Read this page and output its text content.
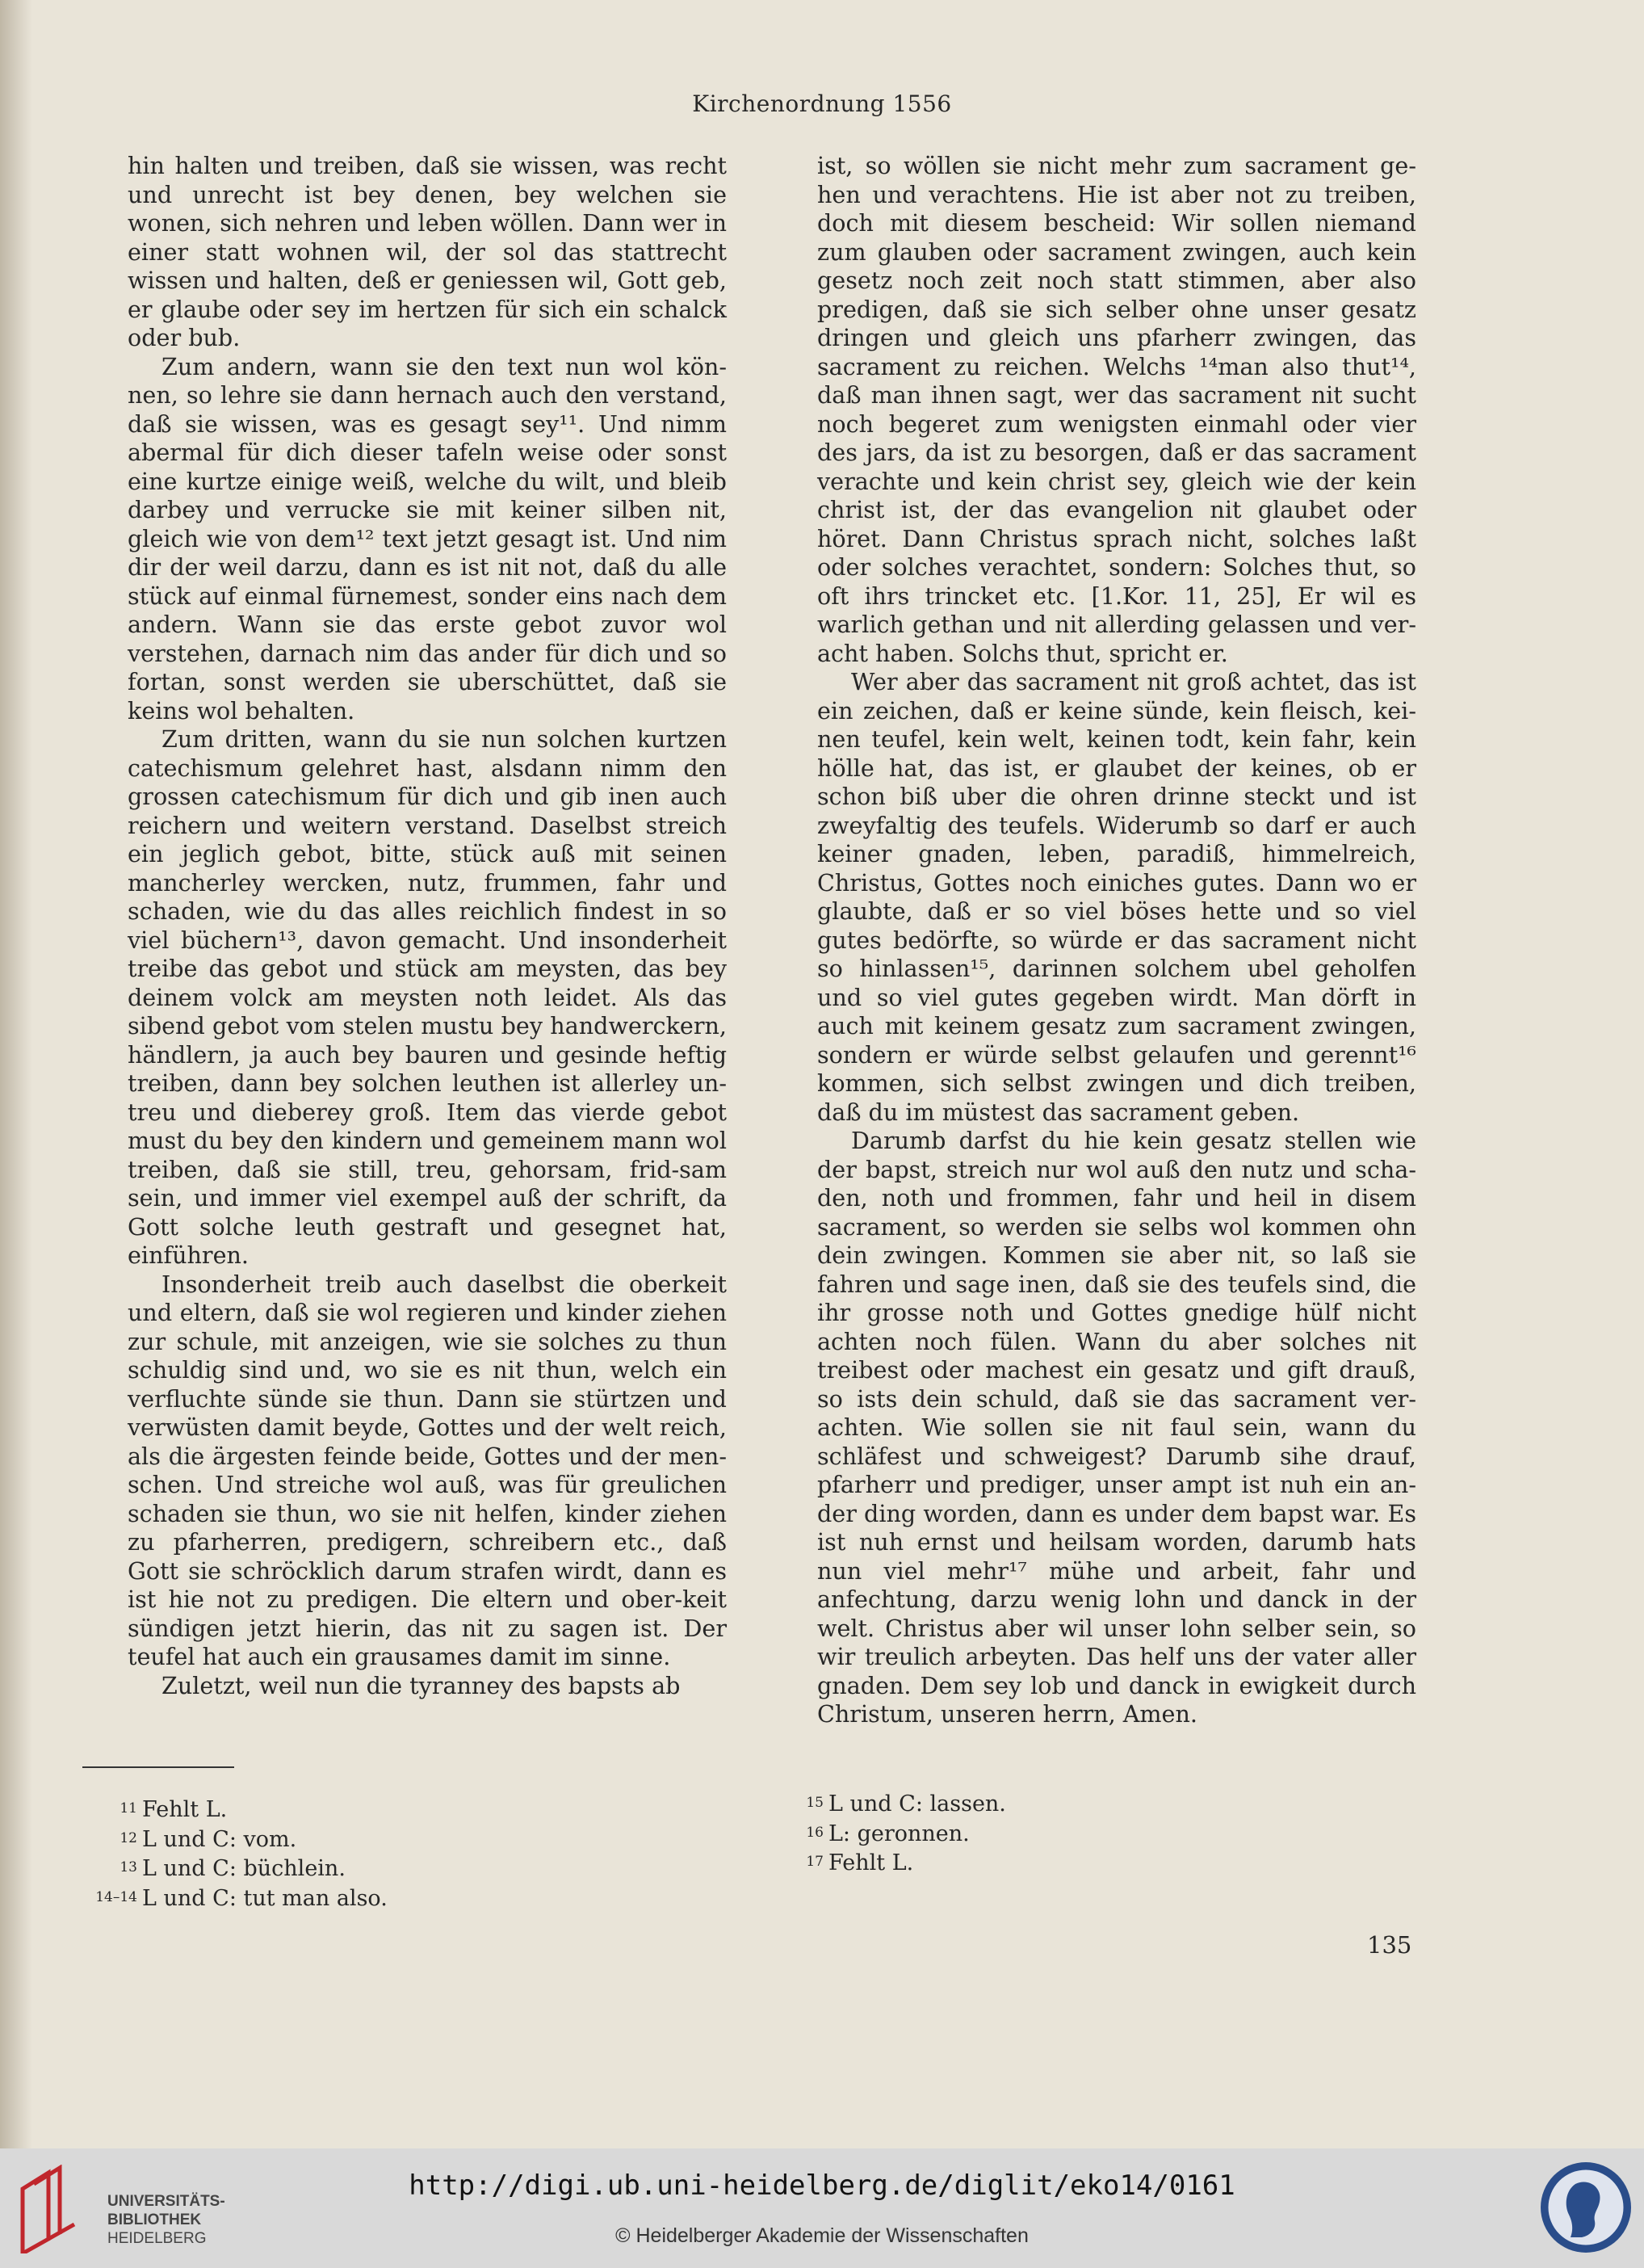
Kirchenordnung 1556

hin halten und treiben, daß sie wissen, was recht und unrecht ist bey denen, bey welchen sie wonen, sich nehren und leben wöllen. Dann wer in einer statt wohnen wil, der sol das stattrecht wissen und halten, deß er geniessen wil, Gott geb, er glaube oder sey im hertzen für sich ein schalck oder bub.

Zum andern, wann sie den text nun wol kön-nen, so lehre sie dann hernach auch den verstand, daß sie wissen, was es gesagt sey¹¹. Und nimm abermal für dich dieser tafeln weise oder sonst eine kurtze einige weiß, welche du wilt, und bleib darbey und verrucke sie mit keiner silben nit, gleich wie von dem¹² text jetzt gesagt ist. Und nim dir der weil darzu, dann es ist nit not, daß du alle stück auf einmal fürnemest, sonder eins nach dem andern. Wann sie das erste gebot zuvor wol verstehen, darnach nim das ander für dich und so fortan, sonst werden sie uberschüttet, daß sie keins wol behalten.

Zum dritten, wann du sie nun solchen kurtzen catechismum gelehret hast, alsdann nimm den grossen catechismum für dich und gib inen auch reichern und weitern verstand. Daselbst streich ein jeglich gebot, bitte, stück auß mit seinen mancherley wercken, nutz, frummen, fahr und schaden, wie du das alles reichlich findest in so viel büchern¹³, davon gemacht. Und insonderheit treibe das gebot und stück am meysten, das bey deinem volck am meysten noth leidet. Als das sibend gebot vom stelen mustu bey handwerckern, händlern, ja auch bey bauren und gesinde heftig treiben, dann bey solchen leuthen ist allerley un-treu und dieberey groß. Item das vierde gebot must du bey den kindern und gemeinem mann wol treiben, daß sie still, treu, gehorsam, frid-sam sein, und immer viel exempel auß der schrift, da Gott solche leuth gestraft und gesegnet hat, einführen.

Insonderheit treib auch daselbst die oberkeit und eltern, daß sie wol regieren und kinder ziehen zur schule, mit anzeigen, wie sie solches zu thun schuldig sind und, wo sie es nit thun, welch ein verfluchte sünde sie thun. Dann sie stürtzen und verwüsten damit beyde, Gottes und der welt reich, als die ärgesten feinde beide, Gottes und der men-schen. Und streiche wol auß, was für greulichen schaden sie thun, wo sie nit helfen, kinder ziehen zu pfarherren, predigern, schreibern etc., daß Gott sie schröcklich darum strafen wirdt, dann es ist hie not zu predigen. Die eltern und ober-keit sündigen jetzt hierin, das nit zu sagen ist. Der teufel hat auch ein grausames damit im sinne.

Zuletzt, weil nun die tyranney des bapsts ab

ist, so wöllen sie nicht mehr zum sacrament ge-hen und verachtens. Hie ist aber not zu treiben, doch mit diesem bescheid: Wir sollen niemand zum glauben oder sacrament zwingen, auch kein gesetz noch zeit noch statt stimmen, aber also predigen, daß sie sich selber ohne unser gesatz dringen und gleich uns pfarherr zwingen, das sacrament zu reichen. Welchs ¹⁴man also thut¹⁴, daß man ihnen sagt, wer das sacrament nit sucht noch begeret zum wenigsten einmahl oder vier des jars, da ist zu besorgen, daß er das sacrament verachte und kein christ sey, gleich wie der kein christ ist, der das evangelion nit glaubet oder höret. Dann Christus sprach nicht, solches laßt oder solches verachtet, sondern: Solches thut, so oft ihrs trincket etc. [1.Kor. 11, 25], Er wil es warlich gethan und nit allerding gelassen und ver-acht haben. Solchs thut, spricht er.

Wer aber das sacrament nit groß achtet, das ist ein zeichen, daß er keine sünde, kein fleisch, kei-nen teufel, kein welt, keinen todt, kein fahr, kein hölle hat, das ist, er glaubet der keines, ob er schon biß uber die ohren drinne steckt und ist zweyfaltig des teufels. Widerumb so darf er auch keiner gnaden, leben, paradiß, himmelreich, Christus, Gottes noch einiches gutes. Dann wo er glaubte, daß er so viel böses hette und so viel gutes bedörfte, so würde er das sacrament nicht so hinlassen¹⁵, darinnen solchem ubel geholfen und so viel gutes gegeben wirdt. Man dörft in auch mit keinem gesatz zum sacrament zwingen, sondern er würde selbst gelaufen und gerennt¹⁶ kommen, sich selbst zwingen und dich treiben, daß du im müstest das sacrament geben.

Darumb darfst du hie kein gesatz stellen wie der bapst, streich nur wol auß den nutz und scha-den, noth und frommen, fahr und heil in disem sacrament, so werden sie selbs wol kommen ohn dein zwingen. Kommen sie aber nit, so laß sie fahren und sage inen, daß sie des teufels sind, die ihr grosse noth und Gottes gnedige hülf nicht achten noch fülen. Wann du aber solches nit treibest oder machest ein gesatz und gift drauß, so ists dein schuld, daß sie das sacrament ver-achten. Wie sollen sie nit faul sein, wann du schläfest und schweigest? Darumb sihe drauf, pfarherr und prediger, unser ampt ist nuh ein an-der ding worden, dann es under dem bapst war. Es ist nuh ernst und heilsam worden, darumb hats nun viel mehr¹⁷ mühe und arbeit, fahr und anfechtung, darzu wenig lohn und danck in der welt. Christus aber wil unser lohn selber sein, so wir treulich arbeyten. Das helf uns der vater aller gnaden. Dem sey lob und danck in ewigkeit durch Christum, unseren herrn, Amen.

11 Fehlt L.
12 L und C: vom.
13 L und C: büchlein.
14–14 L und C: tut man also.
15 L und C: lassen.
16 L: geronnen.
17 Fehlt L.
135
UNIVERSITÄTS-
BIBLIOTHEK
HEIDELBERG
http://digi.ub.uni-heidelberg.de/diglit/eko14/0161
© Heidelberger Akademie der Wissenschaften
